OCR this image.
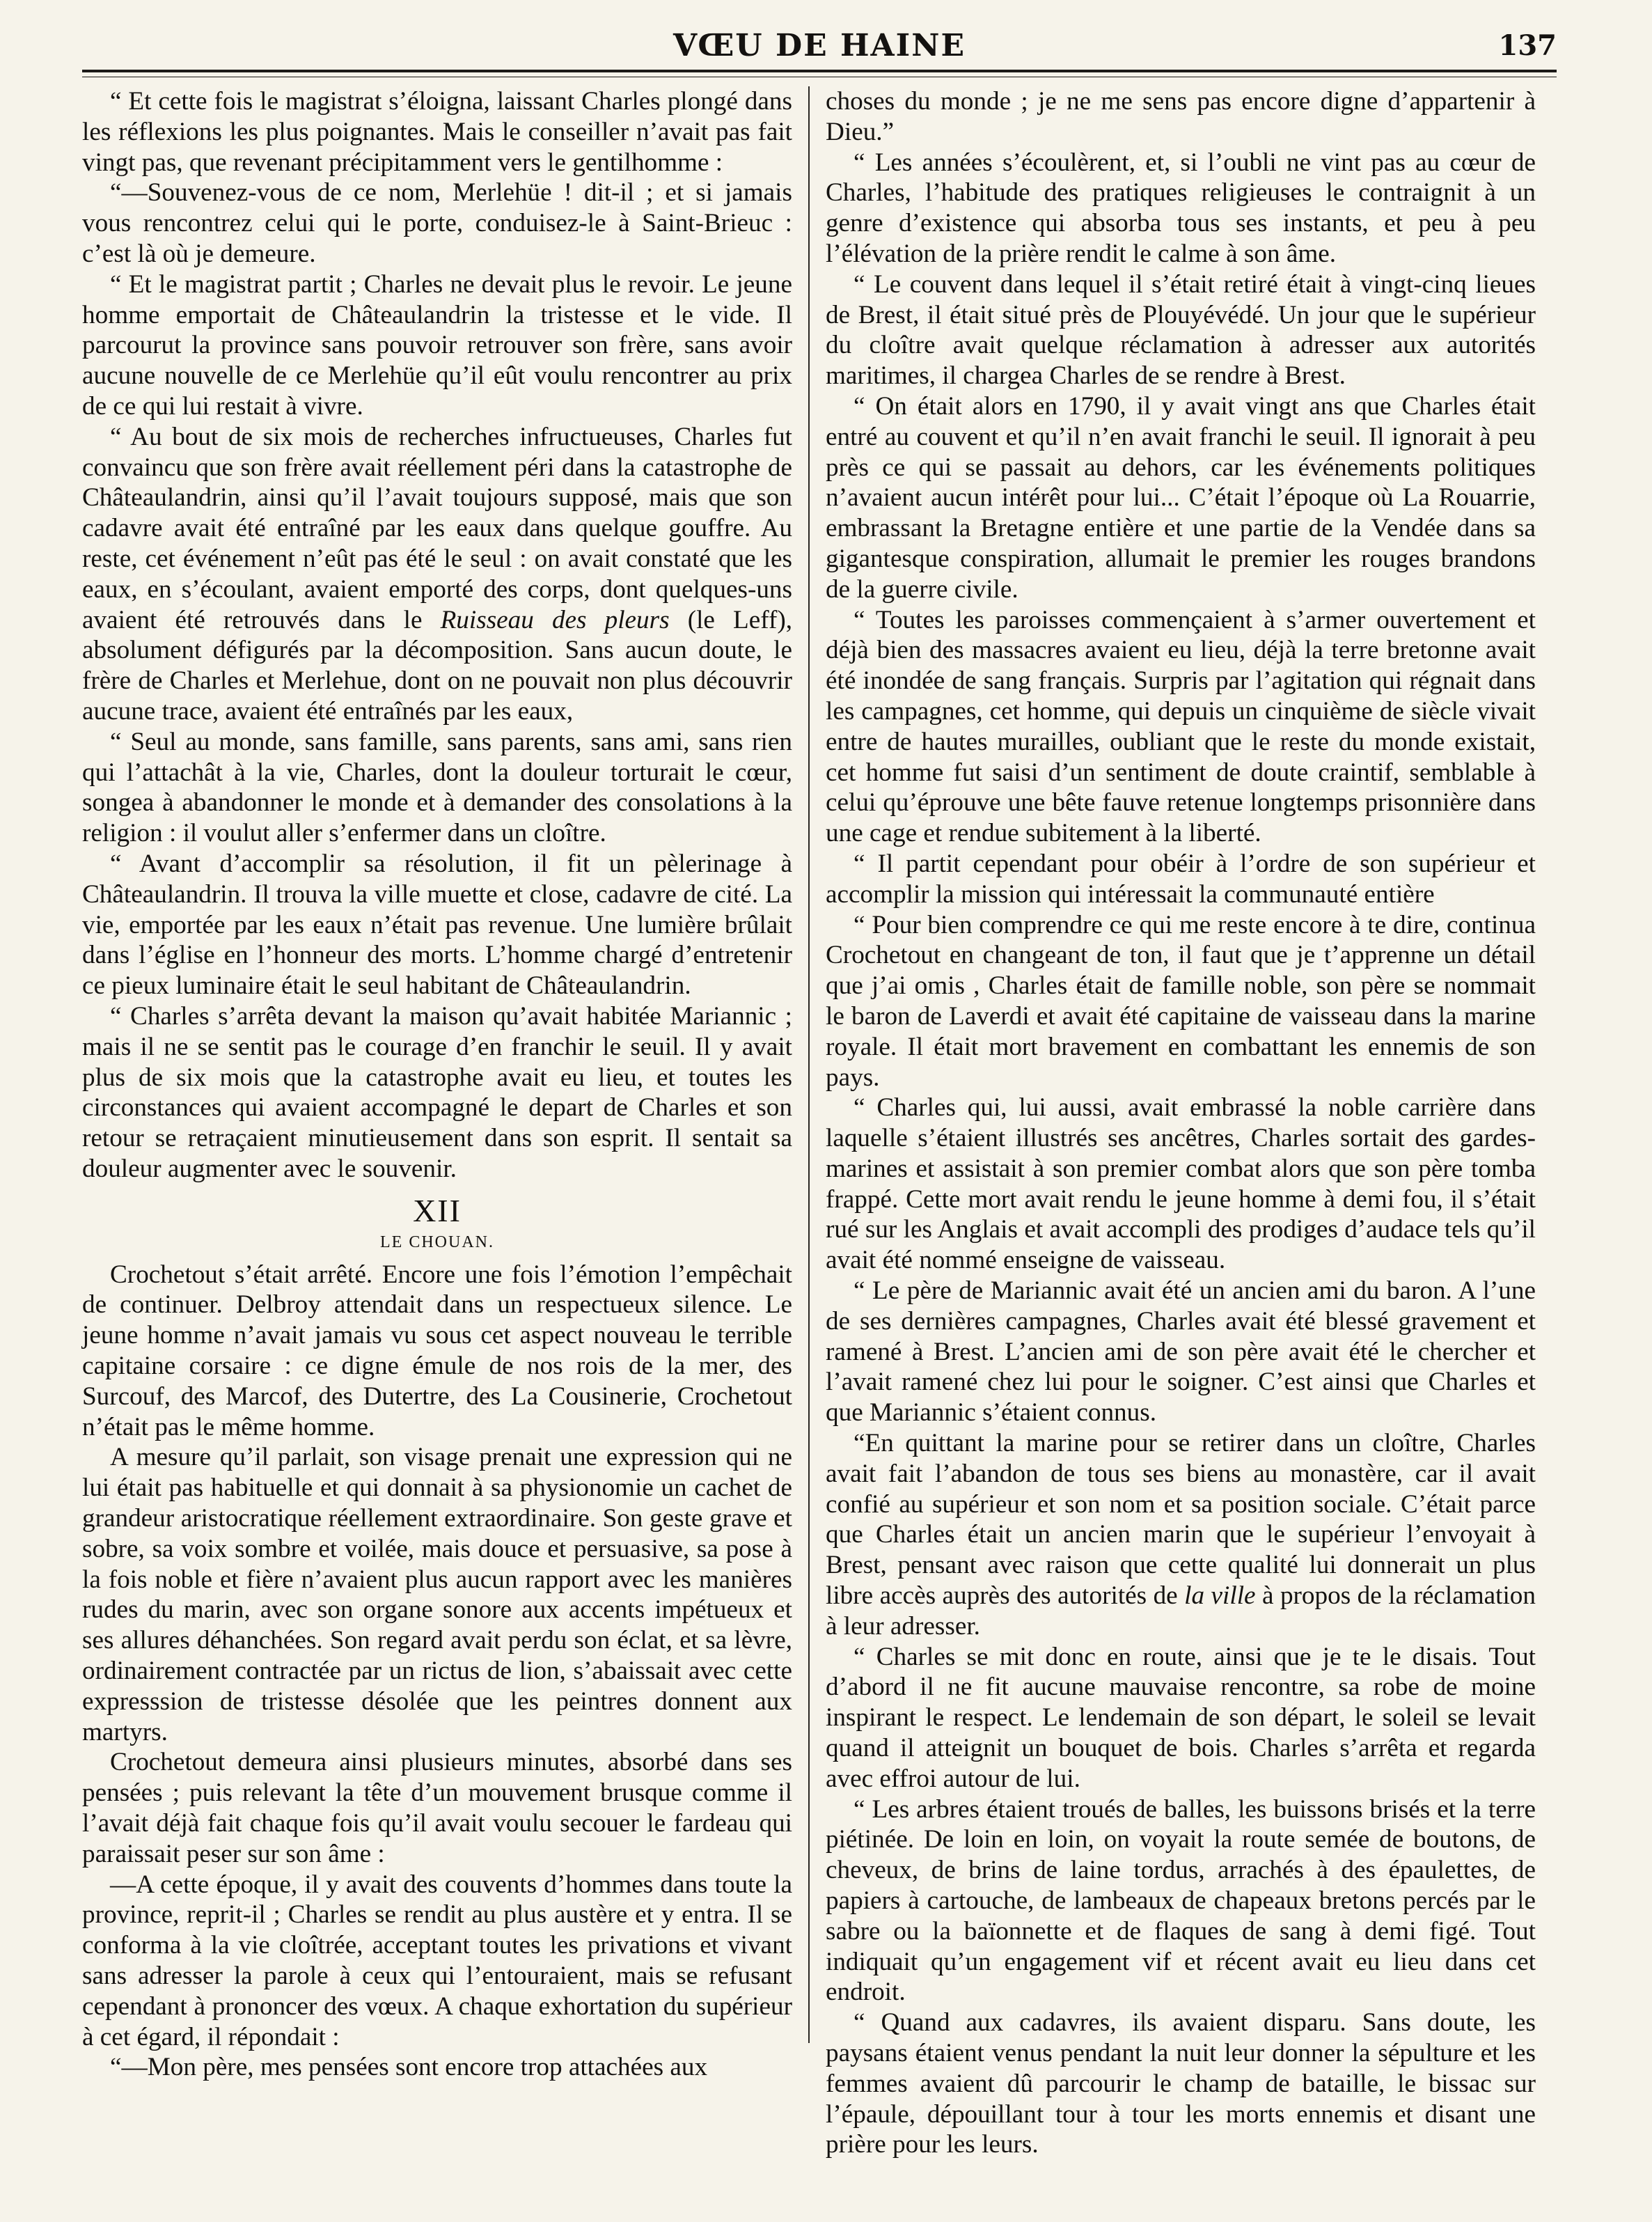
VŒU DE HAINE	137

“ Et cette fois le magistrat s’éloigna, laissant Charles plongé dans les réflexions les plus poignantes. Mais le conseiller n’avait pas fait vingt pas, que revenant précipitamment vers le gentilhomme :

“—Souvenez-vous de ce nom, Merlehüe ! dit-il ; et si jamais vous rencontrez celui qui le porte, conduisez-le à Saint-Brieuc : c’est là où je demeure.

“ Et le magistrat partit ; Charles ne devait plus le revoir. Le jeune homme emportait de Châteaulandrin la tristesse et le vide. Il parcourut la province sans pouvoir retrouver son frère, sans avoir aucune nouvelle de ce Merlehüe qu’il eût voulu rencontrer au prix de ce qui lui restait à vivre.

“ Au bout de six mois de recherches infructueuses, Charles fut convaincu que son frère avait réellement péri dans la catastrophe de Châteaulandrin, ainsi qu’il l’avait toujours supposé, mais que son cadavre avait été entraîné par les eaux dans quelque gouffre. Au reste, cet événement n’eût pas été le seul : on avait constaté que les eaux, en s’écoulant, avaient emporté des corps, dont quelques-uns avaient été retrouvés dans le Ruisseau des pleurs (le Leff), absolument défigurés par la décomposition. Sans aucun doute, le frère de Charles et Merlehue, dont on ne pouvait non plus découvrir aucune trace, avaient été entraînés par les eaux,

“ Seul au monde, sans famille, sans parents, sans ami, sans rien qui l’attachât à la vie, Charles, dont la douleur torturait le cœur, songea à abandonner le monde et à demander des consolations à la religion : il voulut aller s’enfermer dans un cloître.

“ Avant d’accomplir sa résolution, il fit un pèlerinage à Châteaulandrin. Il trouva la ville muette et close, cadavre de cité. La vie, emportée par les eaux n’était pas revenue. Une lumière brûlait dans l’église en l’honneur des morts. L’homme chargé d’entretenir ce pieux luminaire était le seul habitant de Châteaulandrin.

“ Charles s’arrêta devant la maison qu’avait habitée Mariannic ; mais il ne se sentit pas le courage d’en franchir le seuil. Il y avait plus de six mois que la catastrophe avait eu lieu, et toutes les circonstances qui avaient accompagné le depart de Charles et son retour se retraçaient minutieusement dans son esprit. Il sentait sa douleur augmenter avec le souvenir.

XII
LE CHOUAN.

Crochetout s’était arrêté. Encore une fois l’émotion l’empêchait de continuer. Delbroy attendait dans un respectueux silence. Le jeune homme n’avait jamais vu sous cet aspect nouveau le terrible capitaine corsaire : ce digne émule de nos rois de la mer, des Surcouf, des Marcof, des Dutertre, des La Cousinerie, Crochetout n’était pas le même homme.

A mesure qu’il parlait, son visage prenait une expression qui ne lui était pas habituelle et qui donnait à sa physionomie un cachet de grandeur aristocratique réellement extraordinaire. Son geste grave et sobre, sa voix sombre et voilée, mais douce et persuasive, sa pose à la fois noble et fière n’avaient plus aucun rapport avec les manières rudes du marin, avec son organe sonore aux accents impétueux et ses allures déhanchées. Son regard avait perdu son éclat, et sa lèvre, ordinairement contractée par un rictus de lion, s’abaissait avec cette expresssion de tristesse désolée que les peintres donnent aux martyrs.

Crochetout demeura ainsi plusieurs minutes, absorbé dans ses pensées ; puis relevant la tête d’un mouvement brusque comme il l’avait déjà fait chaque fois qu’il avait voulu secouer le fardeau qui paraissait peser sur son âme :

—A cette époque, il y avait des couvents d’hommes dans toute la province, reprit-il ; Charles se rendit au plus austère et y entra. Il se conforma à la vie cloîtrée, acceptant toutes les privations et vivant sans adresser la parole à ceux qui l’entouraient, mais se refusant cependant à prononcer des vœux. A chaque exhortation du supérieur à cet égard, il répondait :

“—Mon père, mes pensées sont encore trop attachées aux

choses du monde ; je ne me sens pas encore digne d’appartenir à Dieu.”

“ Les années s’écoulèrent, et, si l’oubli ne vint pas au cœur de Charles, l’habitude des pratiques religieuses le contraignit à un genre d’existence qui absorba tous ses instants, et peu à peu l’élévation de la prière rendit le calme à son âme.

“ Le couvent dans lequel il s’était retiré était à vingt-cinq lieues de Brest, il était situé près de Plouyévédé. Un jour que le supérieur du cloître avait quelque réclamation à adresser aux autorités maritimes, il chargea Charles de se rendre à Brest.

“ On était alors en 1790, il y avait vingt ans que Charles était entré au couvent et qu’il n’en avait franchi le seuil. Il ignorait à peu près ce qui se passait au dehors, car les événements politiques n’avaient aucun intérêt pour lui... C’était l’époque où La Rouarrie, embrassant la Bretagne entière et une partie de la Vendée dans sa gigantesque conspiration, allumait le premier les rouges brandons de la guerre civile.

“ Toutes les paroisses commençaient à s’armer ouvertement et déjà bien des massacres avaient eu lieu, déjà la terre bretonne avait été inondée de sang français. Surpris par l’agitation qui régnait dans les campagnes, cet homme, qui depuis un cinquième de siècle vivait entre de hautes murailles, oubliant que le reste du monde existait, cet homme fut saisi d’un sentiment de doute craintif, semblable à celui qu’éprouve une bête fauve retenue longtemps prisonnière dans une cage et rendue subitement à la liberté.

“ Il partit cependant pour obéir à l’ordre de son supérieur et accomplir la mission qui intéressait la communauté entière

“ Pour bien comprendre ce qui me reste encore à te dire, continua Crochetout en changeant de ton, il faut que je t’apprenne un détail que j’ai omis , Charles était de famille noble, son père se nommait le baron de Laverdi et avait été capitaine de vaisseau dans la marine royale. Il était mort bravement en combattant les ennemis de son pays.

“ Charles qui, lui aussi, avait embrassé la noble carrière dans laquelle s’étaient illustrés ses ancêtres, Charles sortait des gardes-marines et assistait à son premier combat alors que son père tomba frappé. Cette mort avait rendu le jeune homme à demi fou, il s’était rué sur les Anglais et avait accompli des prodiges d’audace tels qu’il avait été nommé enseigne de vaisseau.

“ Le père de Mariannic avait été un ancien ami du baron. A l’une de ses dernières campagnes, Charles avait été blessé gravement et ramené à Brest. L’ancien ami de son père avait été le chercher et l’avait ramené chez lui pour le soigner. C’est ainsi que Charles et que Mariannic s’étaient connus.

“En quittant la marine pour se retirer dans un cloître, Charles avait fait l’abandon de tous ses biens au monastère, car il avait confié au supérieur et son nom et sa position sociale. C’était parce que Charles était un ancien marin que le supérieur l’envoyait à Brest, pensant avec raison que cette qualité lui donnerait un plus libre accès auprès des autorités de la ville à propos de la réclamation à leur adresser.

“ Charles se mit donc en route, ainsi que je te le disais. Tout d’abord il ne fit aucune mauvaise rencontre, sa robe de moine inspirant le respect. Le lendemain de son départ, le soleil se levait quand il atteignit un bouquet de bois. Charles s’arrêta et regarda avec effroi autour de lui.

“ Les arbres étaient troués de balles, les buissons brisés et la terre piétinée. De loin en loin, on voyait la route semée de boutons, de cheveux, de brins de laine tordus, arrachés à des épaulettes, de papiers à cartouche, de lambeaux de chapeaux bretons percés par le sabre ou la baïonnette et de flaques de sang à demi figé. Tout indiquait qu’un engagement vif et récent avait eu lieu dans cet endroit.

“ Quand aux cadavres, ils avaient disparu. Sans doute, les paysans étaient venus pendant la nuit leur donner la sépulture et les femmes avaient dû parcourir le champ de bataille, le bissac sur l’épaule, dépouillant tour à tour les morts ennemis et disant une prière pour les leurs.
